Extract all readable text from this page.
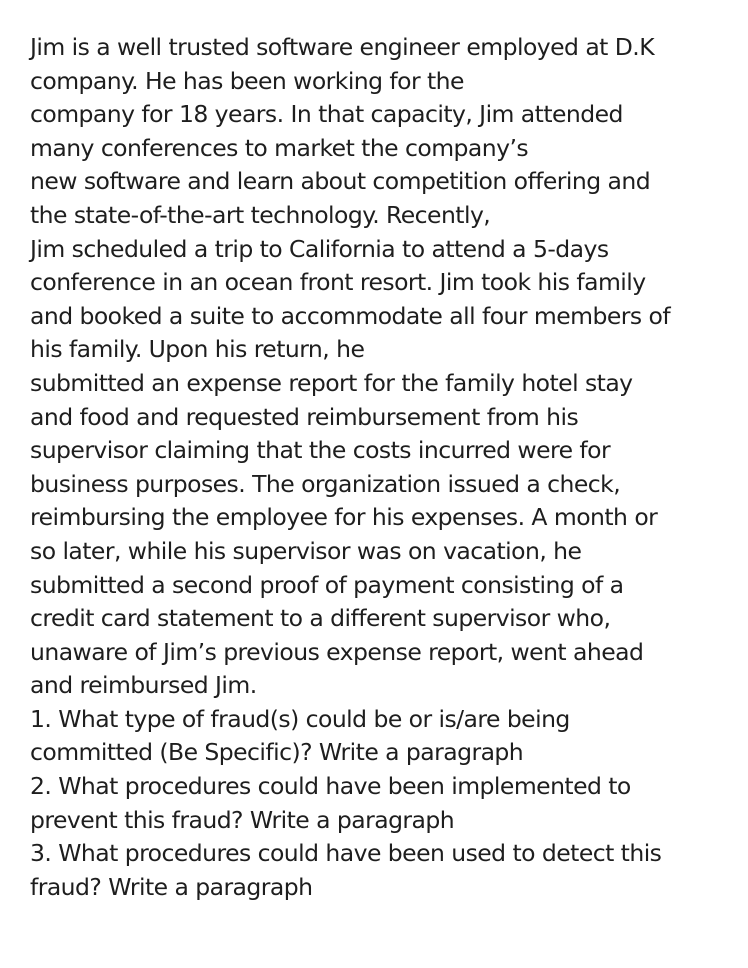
Jim is a well trusted software engineer employed at D.K
company. He has been working for the
company for 18 years. In that capacity, Jim attended
many conferences to market the company’s
new software and learn about competition offering and
the state-of-the-art technology. Recently,
Jim scheduled a trip to California to attend a 5-days
conference in an ocean front resort. Jim took his family
and booked a suite to accommodate all four members of
his family. Upon his return, he
submitted an expense report for the family hotel stay
and food and requested reimbursement from his
supervisor claiming that the costs incurred were for
business purposes. The organization issued a check,
reimbursing the employee for his expenses. A month or
so later, while his supervisor was on vacation, he
submitted a second proof of payment consisting of a
credit card statement to a different supervisor who,
unaware of Jim’s previous expense report, went ahead
and reimbursed Jim.
1. What type of fraud(s) could be or is/are being
committed (Be Specific)? Write a paragraph
2. What procedures could have been implemented to
prevent this fraud? Write a paragraph
3. What procedures could have been used to detect this
fraud? Write a paragraph
